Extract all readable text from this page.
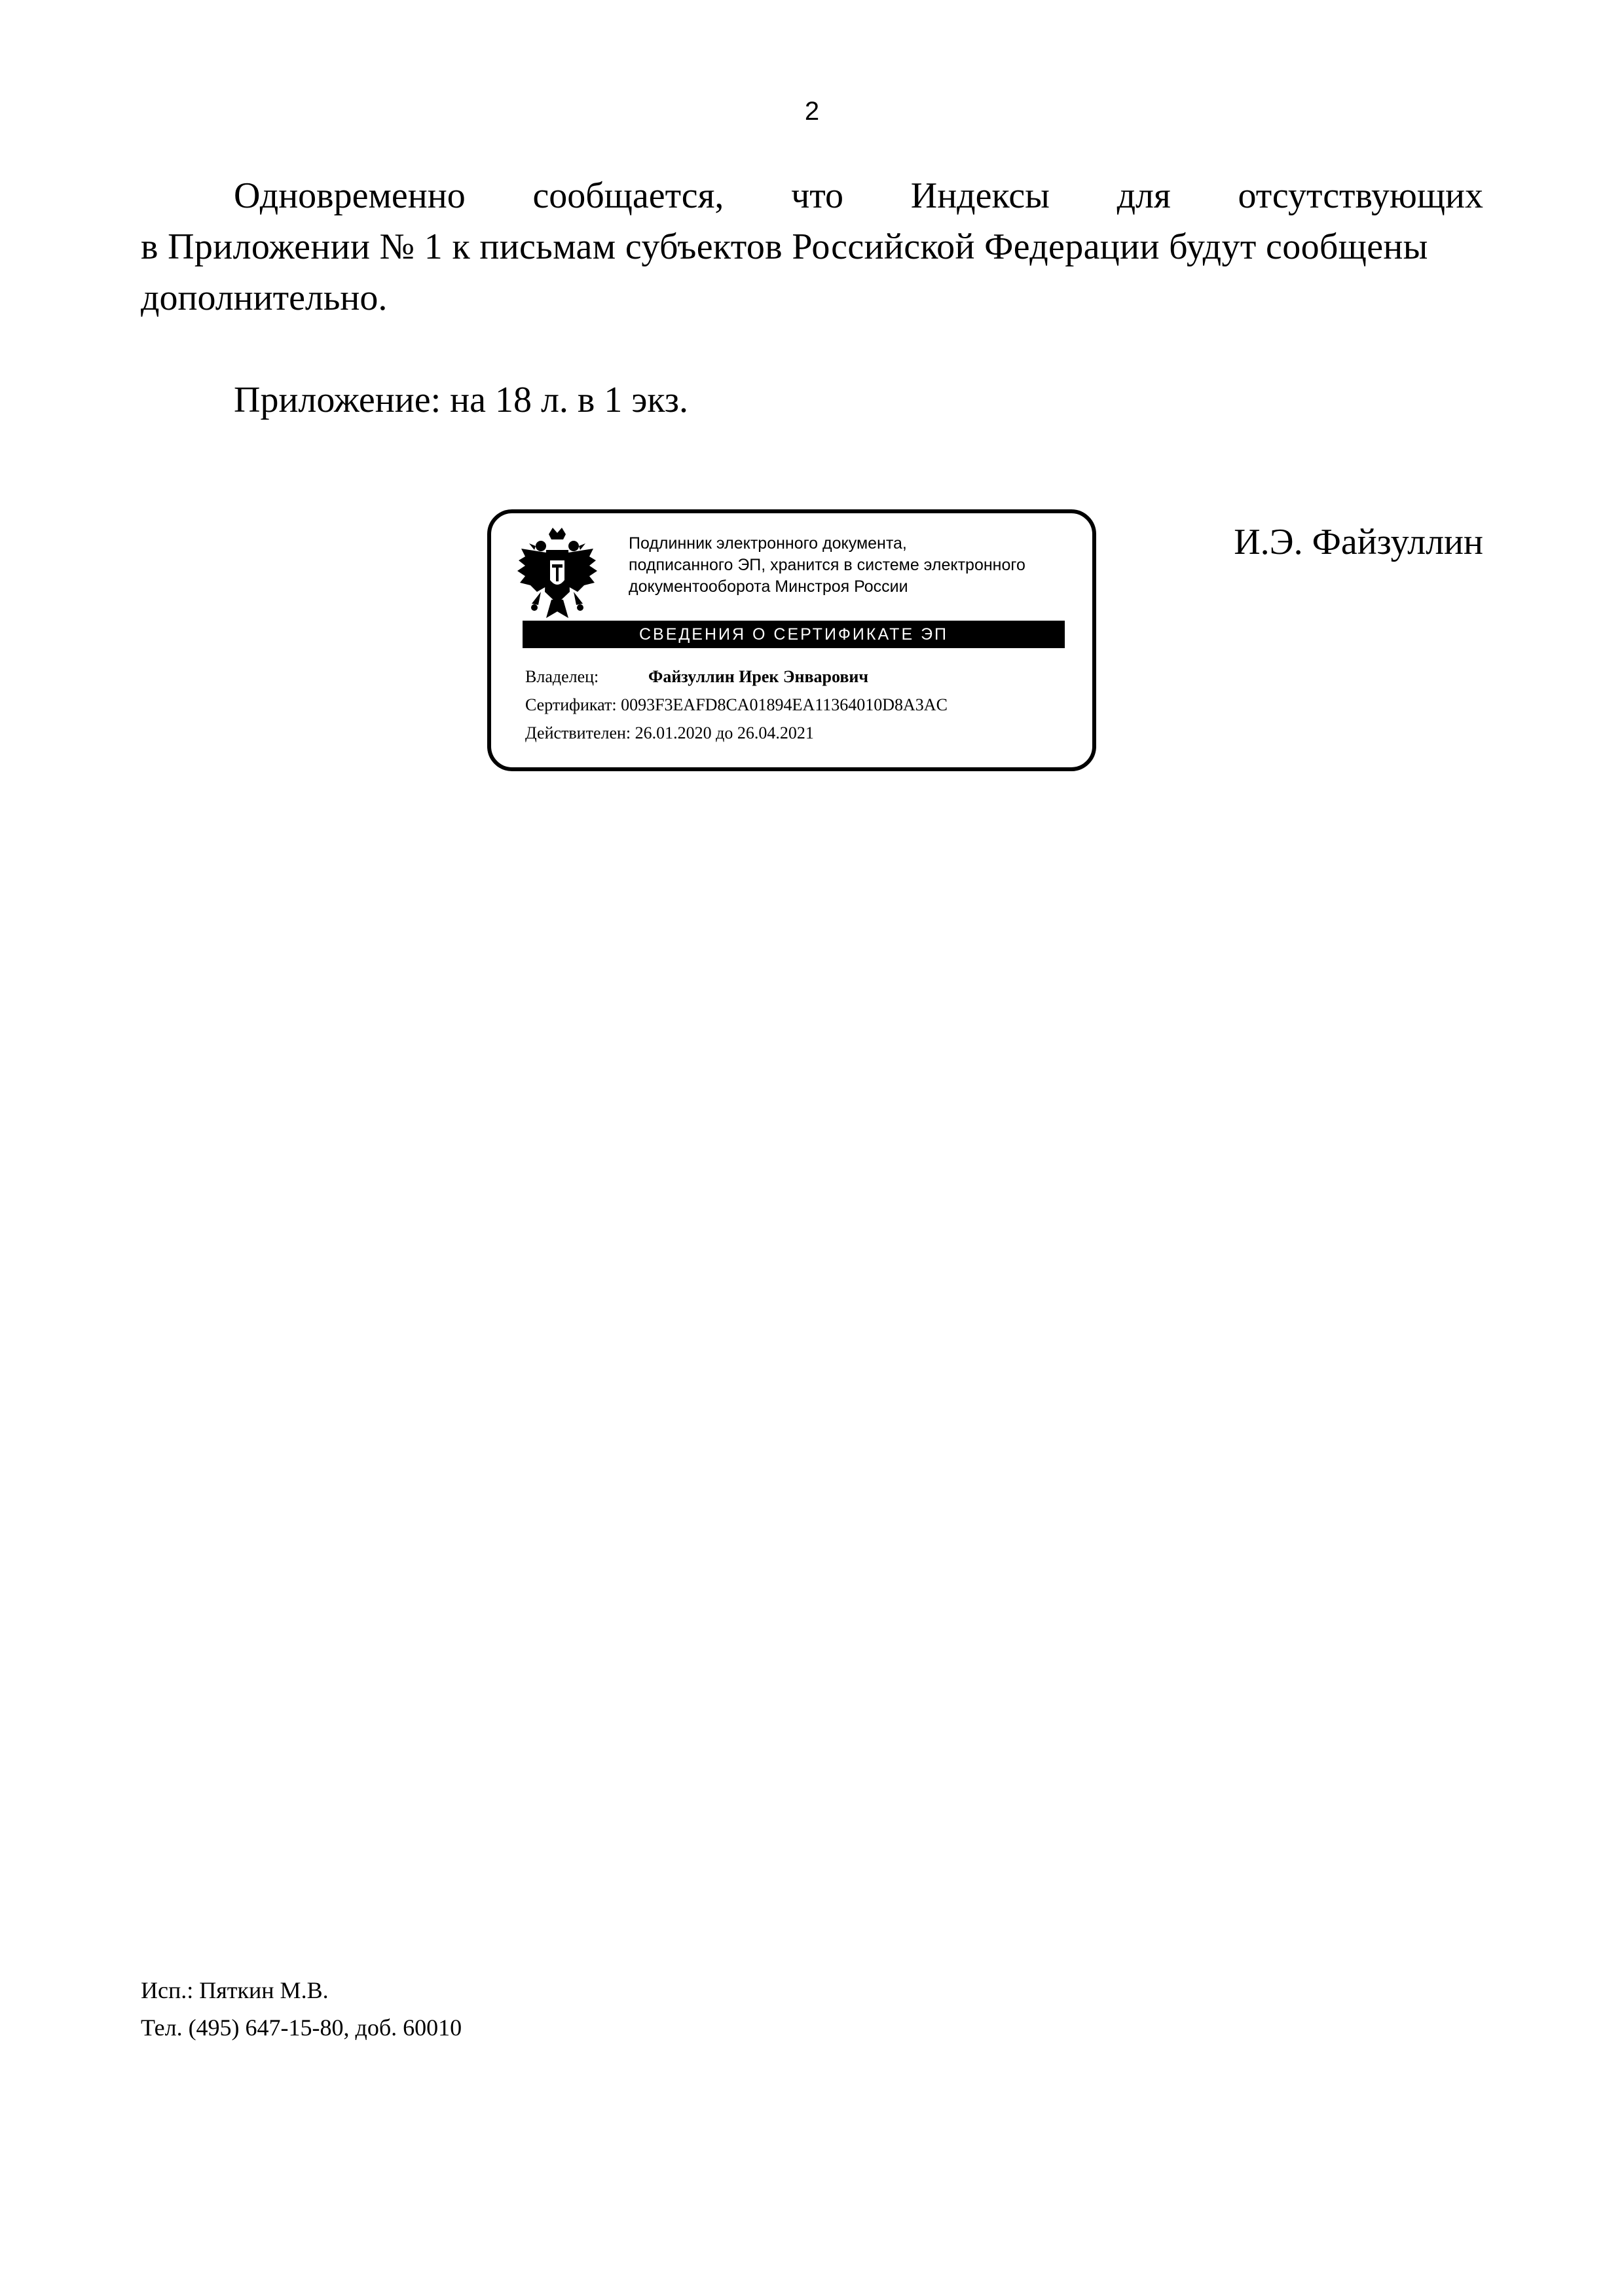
2
Одновременно сообщается, что Индексы для отсутствующих
в Приложении № 1 к письмам субъектов Российской Федерации будут сообщены
дополнительно.
Приложение: на 18 л. в 1 экз.
Подлинник электронного документа,
подписанного ЭП, хранится в системе электронного
документооборота Минстроя России
СВЕДЕНИЯ О СЕРТИФИКАТЕ ЭП
Владелец:	Файзуллин Ирек Энварович
Сертификат: 0093F3EAFD8CA01894EA11364010D8A3AC
Действителен: 26.01.2020 до 26.04.2021
И.Э. Файзуллин
Исп.: Пяткин М.В.
Тел. (495) 647-15-80, доб. 60010
